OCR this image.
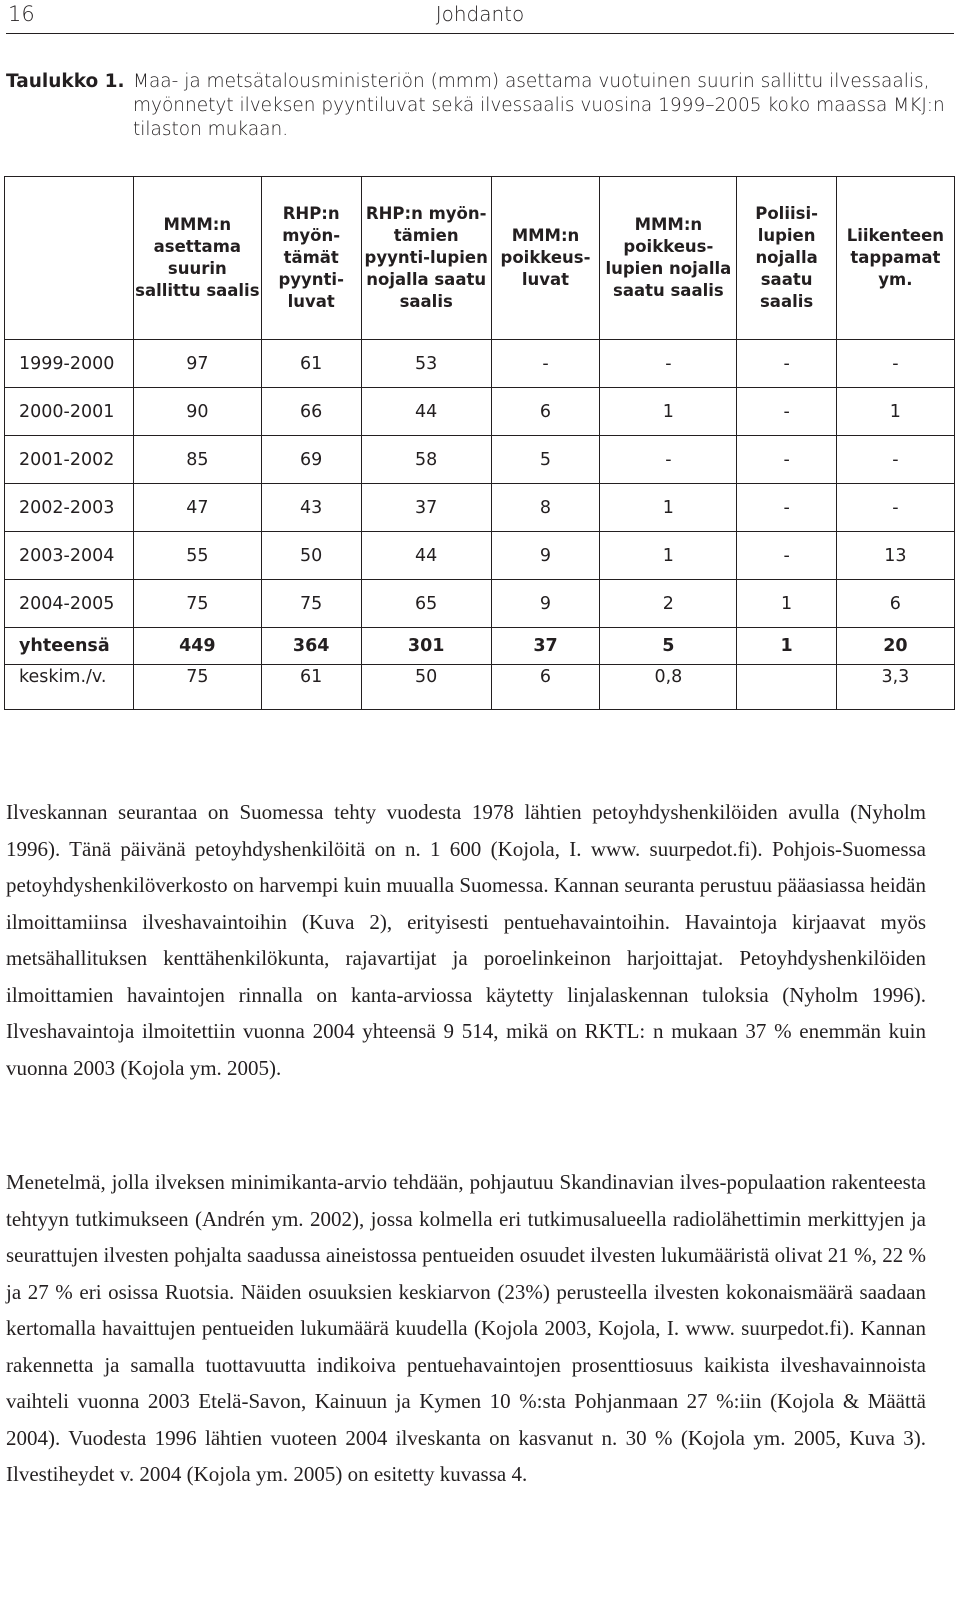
16	Johdanto
Taulukko 1. Maa- ja metsätalousministeriön (mmm) asettama vuotuinen suurin sallittu ilvessaalis, myönnetyt ilveksen pyyntiluvat sekä ilvessaalis vuosina 1999–2005 koko maassa MKJ:n tilaston mukaan.
	MMM:n asettama suurin sallittu saalis	RHP:n myön-tämät pyynti-luvat	RHP:n myön-tämien pyynti-lupien nojalla saatu saalis	MMM:n poikkeus-luvat	MMM:n poikkeus-lupien nojalla saatu saalis	Poliisi-lupien nojalla saatu saalis	Liikenteen tappamat ym.
1999-2000	97	61	53	-	-	-	-
2000-2001	90	66	44	6	1	-	1
2001-2002	85	69	58	5	-	-	-
2002-2003	47	43	37	8	1	-	-
2003-2004	55	50	44	9	1	-	13
2004-2005	75	75	65	9	2	1	6
yhteensä	449	364	301	37	5	1	20
keskim./v.	75	61	50	6	0,8		3,3
Ilveskannan seurantaa on Suomessa tehty vuodesta 1978 lähtien petoyhdyshenkilöiden avulla (Nyholm 1996). Tänä päivänä petoyhdyshenkilöitä on n. 1 600 (Kojola, I. www. suurpedot.fi). Pohjois-Suomessa petoyhdyshenkilöverkosto on harvempi kuin muualla Suomessa. Kannan seuranta perustuu pääasiassa heidän ilmoittamiinsa ilveshavaintoihin (Kuva 2), erityisesti pentuehavaintoihin. Havaintoja kirjaavat myös metsähallituksen kenttähenkilökunta, rajavartijat ja poroelinkeinon harjoittajat. Petoyhdyshenkilöiden ilmoittamien havaintojen rinnalla on kanta-arviossa käytetty linjalaskennan tuloksia (Nyholm 1996). Ilveshavaintoja ilmoitettiin vuonna 2004 yhteensä 9 514, mikä on RKTL: n mukaan 37 % enemmän kuin vuonna 2003 (Kojola ym. 2005).
Menetelmä, jolla ilveksen minimikanta-arvio tehdään, pohjautuu Skandinavian ilves-populaation rakenteesta tehtyyn tutkimukseen (Andrén ym. 2002), jossa kolmella eri tutkimusalueella radiolähettimin merkittyjen ja seurattujen ilvesten pohjalta saadussa aineistossa pentueiden osuudet ilvesten lukumääristä olivat 21 %, 22 % ja 27 % eri osissa Ruotsia. Näiden osuuksien keskiarvon (23%) perusteella ilvesten kokonaismäärä saadaan kertomalla havaittujen pentueiden lukumäärä kuudella (Kojola 2003, Kojola, I. www. suurpedot.fi). Kannan rakennetta ja samalla tuottavuutta indikoiva pentuehavaintojen prosenttiosuus kaikista ilveshavainnoista vaihteli vuonna 2003 Etelä-Savon, Kainuun ja Kymen 10 %:sta Pohjanmaan 27 %:iin (Kojola & Määttä 2004). Vuodesta 1996 lähtien vuoteen 2004 ilveskanta on kasvanut n. 30 % (Kojola ym. 2005, Kuva 3). Ilvestiheydet v. 2004 (Kojola ym. 2005) on esitetty kuvassa 4.
